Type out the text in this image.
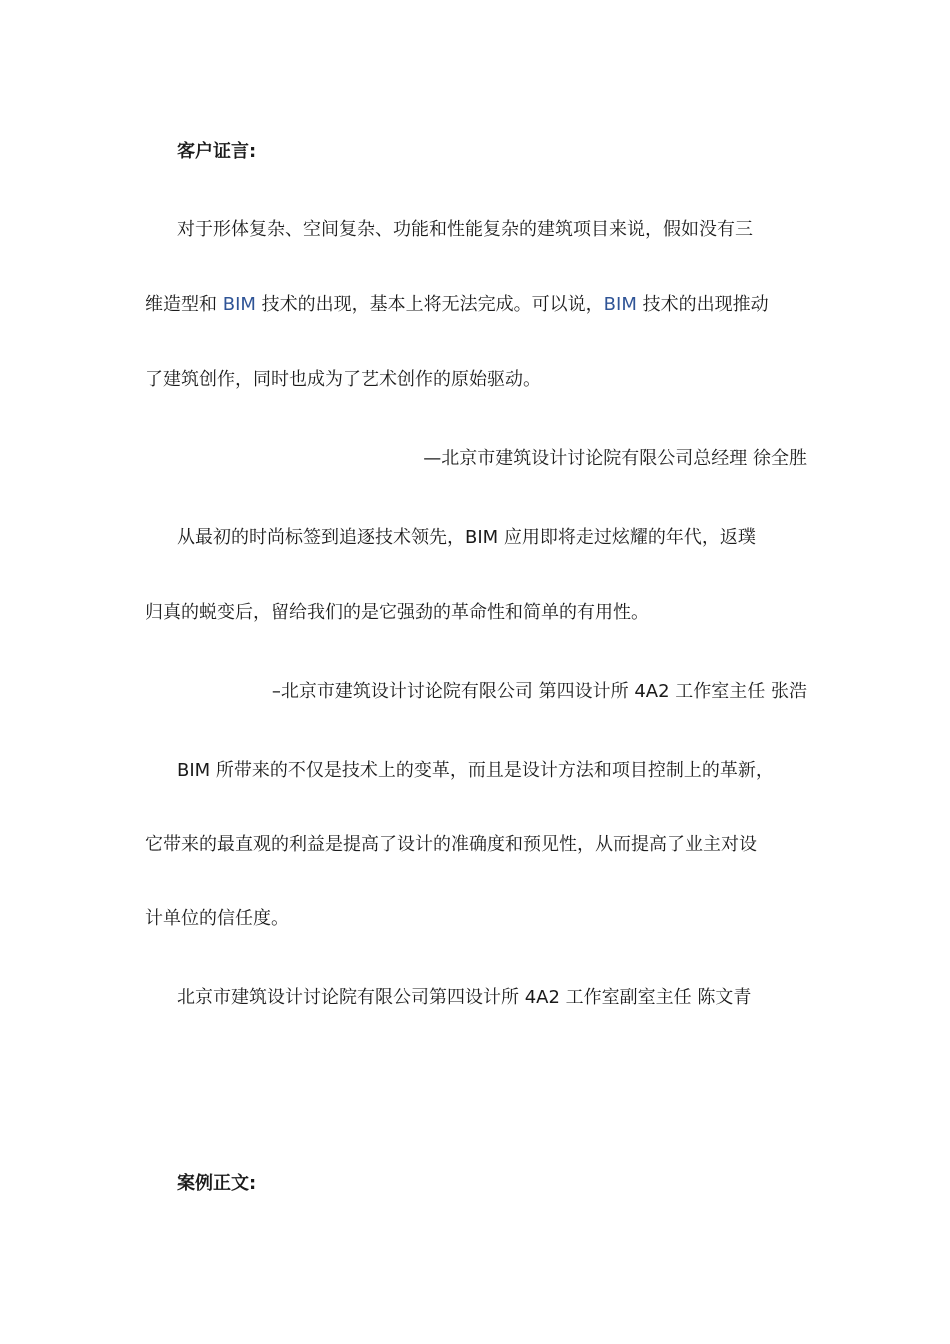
客户证言:
对于形体复杂、空间复杂、功能和性能复杂的建筑项目来说，假如没有三
维造型和 BIM 技术的出现，基本上将无法完成。可以说，BIM 技术的出现推动
了建筑创作，同时也成为了艺术创作的原始驱动。
—北京市建筑设计讨论院有限公司总经理 徐全胜
从最初的时尚标签到追逐技术领先，BIM 应用即将走过炫耀的年代，返璞
归真的蜕变后，留给我们的是它强劲的革命性和简单的有用性。
–北京市建筑设计讨论院有限公司 第四设计所 4A2 工作室主任 张浩
BIM 所带来的不仅是技术上的变革，而且是设计方法和项目控制上的革新，
它带来的最直观的利益是提高了设计的准确度和预见性，从而提高了业主对设
计单位的信任度。
北京市建筑设计讨论院有限公司第四设计所 4A2 工作室副室主任 陈文青
案例正文:
